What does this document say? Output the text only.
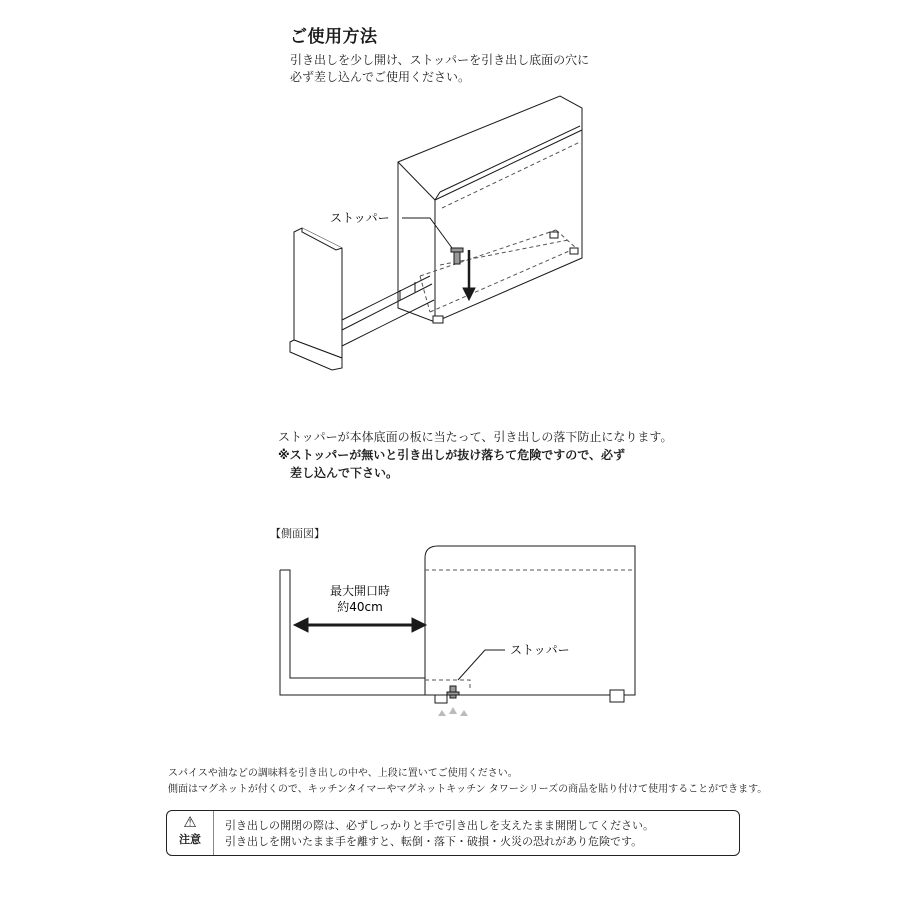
ご使用方法
引き出しを少し開け、ストッパーを引き出し底面の穴に
必ず差し込んでご使用ください。
ストッパー
ストッパーが本体底面の板に当たって、引き出しの落下防止になります。
※ストッパーが無いと引き出しが抜け落ちて危険ですので、必ず
差し込んで下さい。
【側面図】
最大開口時
約40cm
ストッパー
スパイスや油などの調味料を引き出しの中や、上段に置いてご使用ください。
側面はマグネットが付くので、キッチンタイマーやマグネットキッチン タワーシリーズの商品を貼り付けて使用することができます。
⚠
注意
引き出しの開閉の際は、必ずしっかりと手で引き出しを支えたまま開閉してください。
引き出しを開いたまま手を離すと、転倒・落下・破損・火災の恐れがあり危険です。
